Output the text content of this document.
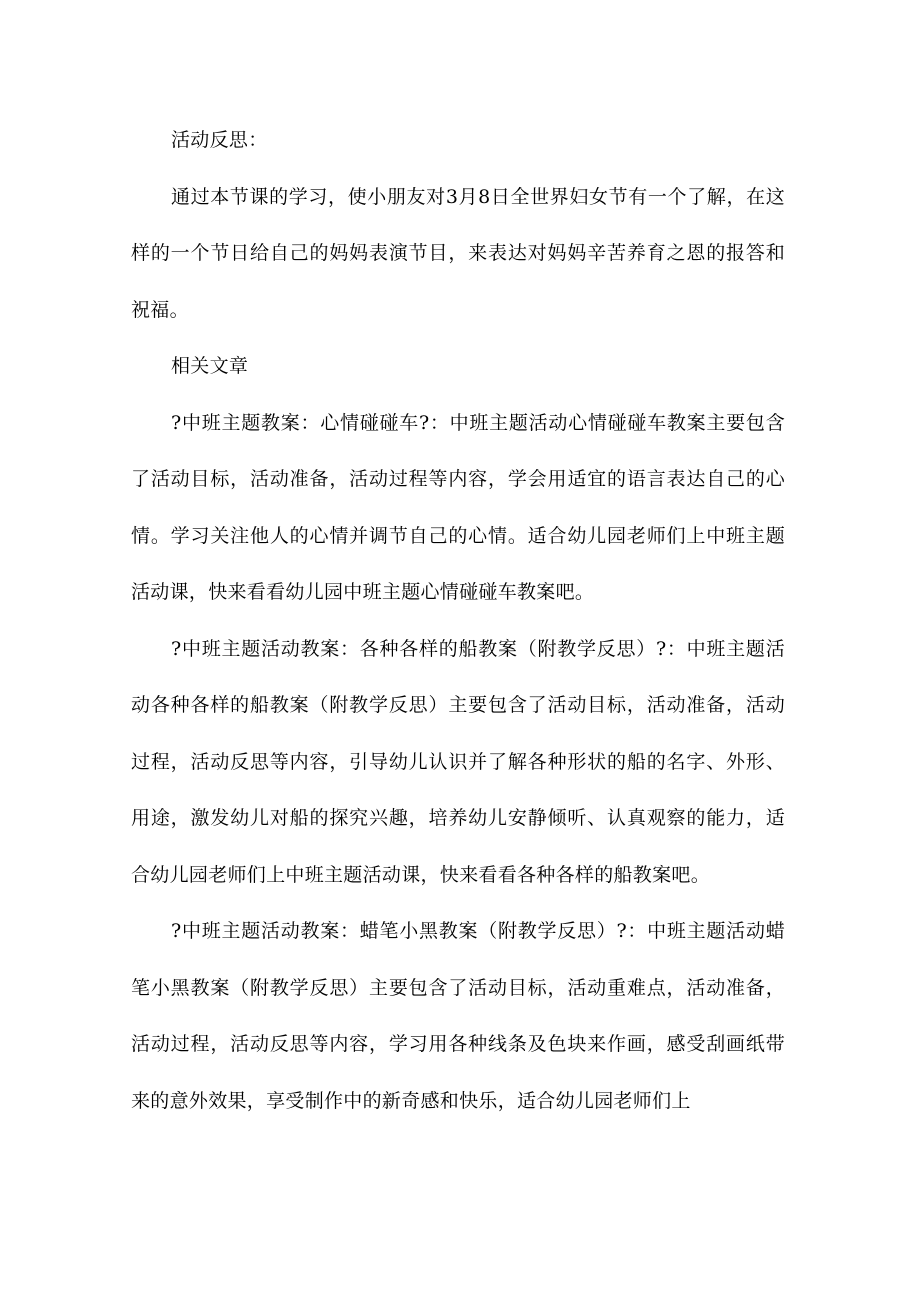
活动反思：

通过本节课的学习，使小朋友对3月8日全世界妇女节有一个了解，在这样的一个节日给自己的妈妈表演节目，来表达对妈妈辛苦养育之恩的报答和祝福。

相关文章

?中班主题教案：心情碰碰车?：中班主题活动心情碰碰车教案主要包含了活动目标，活动准备，活动过程等内容，学会用适宜的语言表达自己的心情。学习关注他人的心情并调节自己的心情。适合幼儿园老师们上中班主题活动课，快来看看幼儿园中班主题心情碰碰车教案吧。

?中班主题活动教案：各种各样的船教案（附教学反思）?：中班主题活动各种各样的船教案（附教学反思）主要包含了活动目标，活动准备，活动过程，活动反思等内容，引导幼儿认识并了解各种形状的船的名字、外形、用途，激发幼儿对船的探究兴趣，培养幼儿安静倾听、认真观察的能力，适合幼儿园老师们上中班主题活动课，快来看看各种各样的船教案吧。

?中班主题活动教案：蜡笔小黑教案（附教学反思）?：中班主题活动蜡笔小黑教案（附教学反思）主要包含了活动目标，活动重难点，活动准备，活动过程，活动反思等内容，学习用各种线条及色块来作画，感受刮画纸带来的意外效果，享受制作中的新奇感和快乐，适合幼儿园老师们上
